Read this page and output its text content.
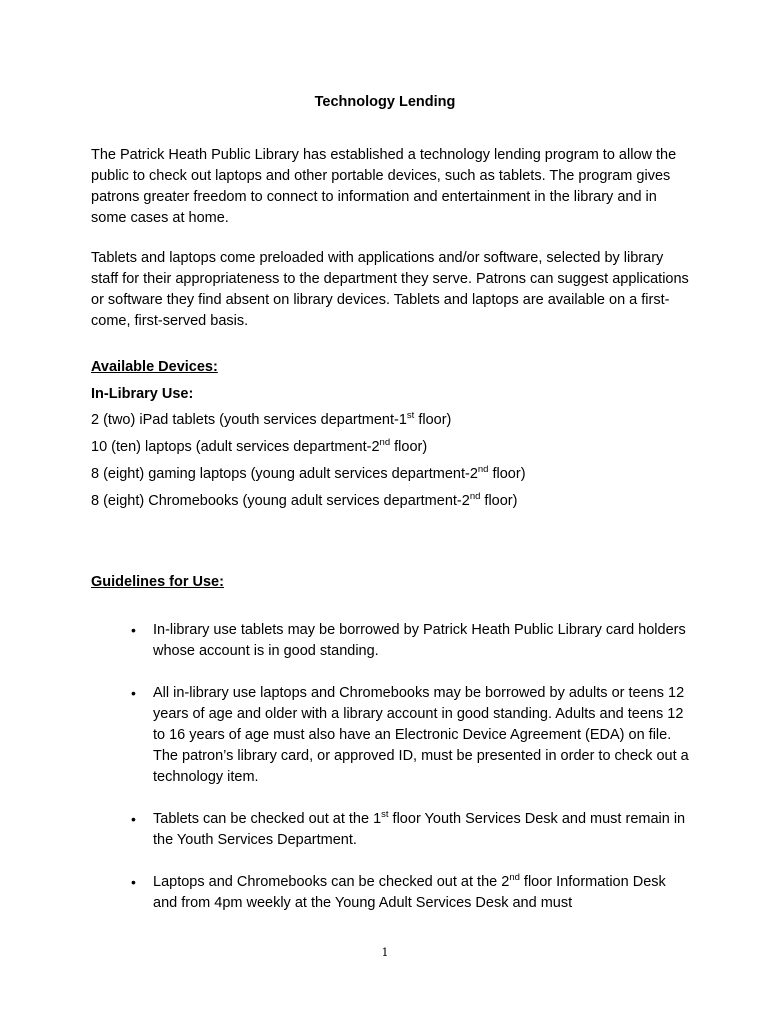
Technology Lending

The Patrick Heath Public Library has established a technology lending program to allow the public to check out laptops and other portable devices, such as tablets. The program gives patrons greater freedom to connect to information and entertainment in the library and in some cases at home.

Tablets and laptops come preloaded with applications and/or software, selected by library staff for their appropriateness to the department they serve. Patrons can suggest applications or software they find absent on library devices. Tablets and laptops are available on a first-come, first-served basis.

Available Devices:

In-Library Use:

2 (two) iPad tablets (youth services department-1st floor)
10 (ten) laptops (adult services department-2nd floor)
8 (eight) gaming laptops (young adult services department-2nd floor)
8 (eight) Chromebooks (young adult services department-2nd floor)

Guidelines for Use:

• In-library use tablets may be borrowed by Patrick Heath Public Library card holders whose account is in good standing.
• All in-library use laptops and Chromebooks may be borrowed by adults or teens 12 years of age and older with a library account in good standing. Adults and teens 12 to 16 years of age must also have an Electronic Device Agreement (EDA) on file. The patron’s library card, or approved ID, must be presented in order to check out a technology item.
• Tablets can be checked out at the 1st floor Youth Services Desk and must remain in the Youth Services Department.
• Laptops and Chromebooks can be checked out at the 2nd floor Information Desk and from 4pm weekly at the Young Adult Services Desk and must
1
